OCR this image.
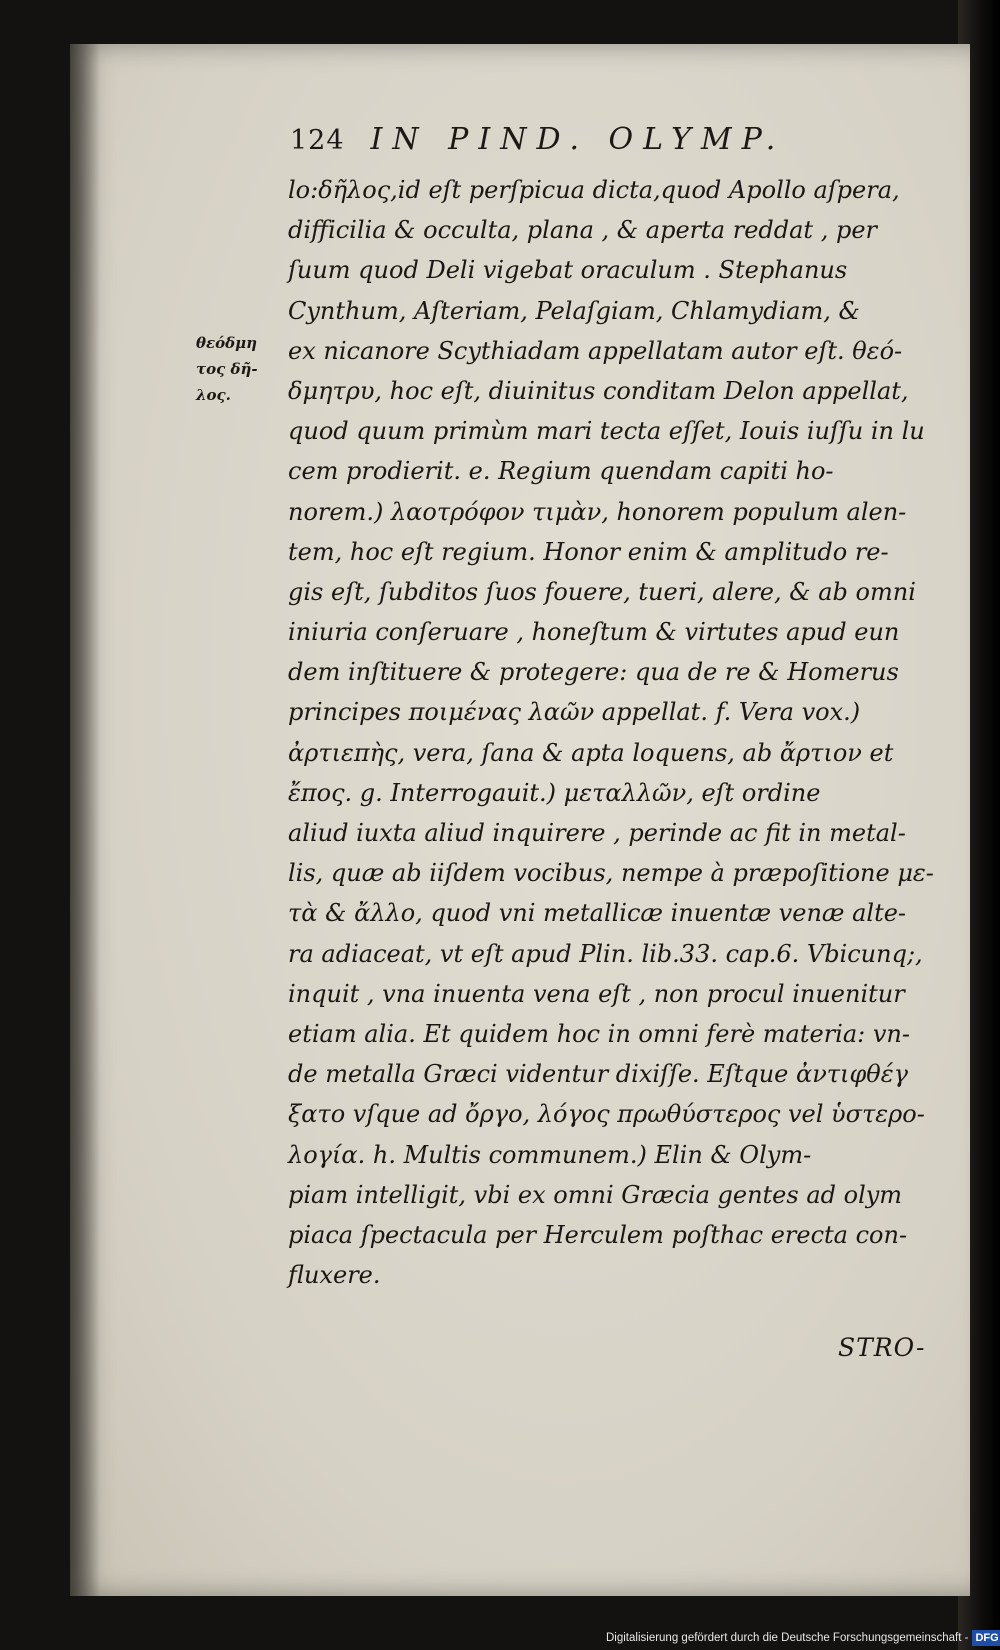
124 IN PIND. OLYMP.
θεόδμη
τος δῆ-
λος.
lo:δῆλος,id eſt perſpicua dicta,quod Apollo aſpera,
difficilia & occulta, plana , & aperta reddat , per
ſuum quod Deli vigebat oraculum . Stephanus
Cynthum, Aſteriam, Pelaſgiam, Chlamydiam, &
ex nicanore Scythiadam appellatam autor eſt. θεό-
δμητρυ, hoc eſt, diuinitus conditam Delon appellat,
quod quum primùm mari tecta eſſet, Iouis iuſſu in lu
cem prodierit. e. Regium quendam capiti ho-
norem.) λαοτρόφον τιμὰν, honorem populum alen-
tem, hoc eſt regium. Honor enim & amplitudo re-
gis eſt, ſubditos ſuos fouere, tueri, alere, & ab omni
iniuria conſeruare , honeſtum & virtutes apud eun
dem inſtituere & protegere: qua de re & Homerus
principes ποιμένας λαῶν appellat. f. Vera vox.)
ἀρτιεπὴς, vera, ſana & apta loquens, ab ἄρτιον et
ἔπος. g. Interrogauit.) μεταλλῶν, eſt ordine
aliud iuxta aliud inquirere , perinde ac fit in metal-
lis, quæ ab iiſdem vocibus, nempe à præpoſitione με-
τὰ & ἄλλο, quod vni metallicæ inuentæ venæ alte-
ra adiaceat, vt eſt apud Plin. lib.33. cap.6. Vbicunq;,
inquit , vna inuenta vena eſt , non procul inuenitur
etiam alia. Et quidem hoc in omni ferè materia: vn-
de metalla Græci videntur dixiſſe. Eſtque ἀντιφθέγ
ξατο vſque ad ὄργο, λόγος πρωθύστερος vel ὑστερο-
λογία. h. Multis communem.) Elin & Olym-
piam intelligit, vbi ex omni Græcia gentes ad olym
piaca ſpectacula per Herculem poſthac erecta con-
fluxere.
STRO-
Digitalisierung gefördert durch die Deutsche Forschungsgemeinschaft - DFG
